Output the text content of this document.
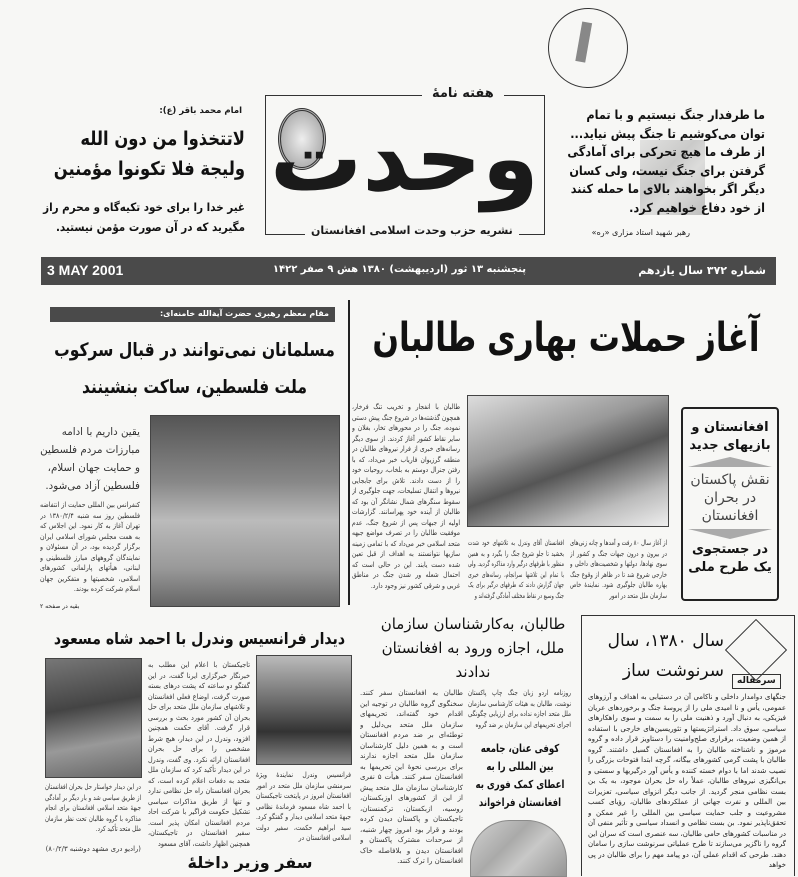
ما طرفدار جنگ نیستیم و با تمام توان می‌کوشیم تا جنگ پیش نیاید... از طرف ما هیچ تحرکی برای آمادگی گرفتن برای جنگ نیست، ولی کسان دیگر اگر بخواهند بالای ما حمله کنند از خود دفاع خواهیم کرد.
رهبر شهید استاد مزاری «ره»
هفته نامهٔ
وحدت
نشریه حزب وحدت اسلامی افغانستان
امام محمد باقر (ع):
لاتتخذوا من دون الله ولیجة فلا تکونوا مؤمنین
غیر خدا را برای خود تکیه‌گاه و محرم راز مگیرید که در آن صورت مؤمن نیستید.
شماره ۳۷۲ سال یازدهم
پنجشنبه ۱۳ ثور (اردیبهشت) ۱۳۸۰ هش ۹ صفر ۱۴۲۲
3 MAY 2001
آغاز حملات بهاری طالبان
طالبان با انفجار و تخریب تنگ فرخار، همچون گذشته‌ها در شروع جنگ پیش دستی نموده، جنگ را در محورهای تخار، بغلان و سایر نقاط کشور آغاز کردند. از سوی دیگر رسانه‌های خبری از فرار نیروهای طالبان در منطقه گرزیوان فاریاب خبر می‌داد، که با رفتن جنرال دوستم به بلخاب، روحیات خود را از دست دادند. تلاش برای جابجایی نیروها و انتقال تسلیحات، جهت جلوگیری از سقوط سنگرهای شمال نشانگر آن بود که طالبان از آینده خود پهراسانند. گزارشات اولیه از جبهات پس از شروع جنگ، عدم موفقیت طالبان را در تصرف مواضع جبهه متحد اسلامی خبر می‌داد که با تمامی زمینه سازیها نتوانستند به اهداف از قبل تعین شده دست یابند. این در حالی است که احتمال شعله ور شدن جنگ در مناطق غربی و شرقی کشور نیز وجود دارد.
افغانستان آقای وندرل به تلاشهای خود شدت بخشید تا جلو شروع جنگ را بگیرد و به همین منظور با طرفهای درگیر وارد مذاکره گردید. ولی با تمام این تلاشها سرانجام، رسانه‌های خبری جهان گزارش دادند که طرفهای درگیر برای یک جنگ وسیع در نقاط مختلف آمادگی گرفته‌اند و
از آغاز سال ۸۰ رفت و آمدها و چانه زنی‌های در بیرون و درون جبهات جنگ و کشور از سوی نهادها، دولتها و شخصیت‌های داخلی و خارجی شروع شد تا در ظاهر از وقوع جنگ بهاره طالبان جلوگیری شود. نمایندهٔ خاص سازمان ملل متحد در امور
افغانستان و بازیهای جدید
نقش پاکستان در بحران افغانستان
در جستجوی یک طرح ملی
مقام معظم رهبری حضرت آیةالله خامنه‌ای:
مسلمانان نمی‌توانند در قبال سرکوب ملت فلسطین، ساکت بنشینند
یقین داریم با ادامه مبارزات مردم فلسطین و حمایت جهان اسلام، فلسطین آزاد می‌شود.
کنفرانس بین المللی حمایت از انتفاضه فلسطین روز سه شنبه ۱۳۸۰/۲/۴ در تهران آغاز به کار نمود. این اجلاس که به همت مجلس شورای اسلامی ایران برگزار گردیده بود، در آن مسئولان و نمایندگان گروههای مبارز فلسطینی و لبنانی، هیأتهای پارلمانی کشورهای اسلامی، شخصیتها و متفکرین جهان اسلام شرکت کرده بودند.
بقیه در صفحه ۲
طالبان، به‌کارشناسان سازمان ملل، اجازه ورود به افغانستان ندادند
روزنامه اردو زبان جنگ چاپ پاکستان نوشت، طالبان به هیئات کارشناسی سازمان ملل متحد اجازه نداده برای ارزیابی چگونگی اجرای تحریمهای این سازمان بر ضد گروه
طالبان به افغانستان سفر کنند. سخنگوی گروه طالبان در توجیه این اقدام خود گفته‌اند، تحریمهای سازمان ملل متحد بی‌دلیل و توطئه‌ای بر ضد مردم افغانستان است و به همین دلیل کارشناسان سازمان ملل متحد اجازه ندارند برای بررسی نحوهٔ این تحریمها به افغانستان سفر کنند. هیأت ۵ نفری کارشناسان سازمان ملل متحد پیش از این از کشورهای اوزبکستان، روسیه، ازبکستان، ترکمنستان، تاجیکستان و پاکستان دیدن کرده بودند و قرار بود امروز چهار شنبه، از سرحدات مشترک پاکستان و افغانستان دیدن و بلافاصله خاک افغانستان را ترک کنند.
کوفی عنان، جامعه بین المللی را به اعطای کمک فوری به افغانستان فراخواند
دیدار فرانسیس وندرل با احمد شاه مسعود
تاجیکستان با اعلام این مطلب به خبرنگار خبرگزاری ایرنا گفت، در این گفتگو دو ساعته که پشت درهای بسته صورت گرفت، اوضاع فعلی افغانستان و تلاشهای سازمان ملل متحد برای حل بحران آن کشور مورد بحث و بررسی قرار گرفت. آقای حکمت همچنین افزود، وندرل در این دیدار، هیچ شرط مشخصی را برای حل بحران افغانستان ارائه نکرد. وی گفت، وندرل در این دیدار تأکید کرد که سازمان ملل متحد به دفعات اعلام کرده است، که بحران افغانستان راه حل نظامی ندارد و تنها از طریق مذاکرات سیاسی تشکیل حکومت فراگیر با شرکت احاد مردم افغانستان امکان پذیر است. سفیر افغانستان در تاجیکستان، همچنین اظهار داشت، آقای مسعود
فرانسیس وندرل نمایندهٔ ویژهٔ سرمنشی سازمان ملل متحد در امور افغانستان امروز در پایتخت تاجیکستان با احمد شاه مسعود فرماندهٔ نظامی جبههٔ متحد اسلامی دیدار و گفتگو کرد. سید ابراهیم حکمت، سفیر دولت اسلامی افغانستان در
در این دیدار خواستار حل بحران افغانستان از طریق سیاسی شد و بار دیگر بر آمادگی جبههٔ متحد اسلامی افغانستان برای انجام مذاکره با گروه طالبان تحت نظر سازمان ملل متحد تأکید کرد.
(رادیو دری مشهد دوشنبه ۸۰/۲/۳)
سفر وزیر داخلهٔ
سرمقاله
سال ۱۳۸۰، سال سرنوشت ساز
جنگهای دوامدار داخلی و ناکامی آن در دستیابی به اهداف و آرزوهای عمومی، یأس و نا امیدی ملی را از پروسهٔ جنگ و برخوردهای عریان فیزیکی، به دنبال آورد و ذهنیت ملی را به سمت و سوی راهکارهای سیاسی، سوق داد. استراتژیستها و تئوریسین‌های خارجی با استفاده از همین وضعیت، برقراری صلح‌وامنیت را دستاویز قرار داده و گروه مرموز و ناشناخته طالبان را به افغانستان گسیل داشتند. گروه طالبان با پشت گرمی کشورهای بیگانه، گرچه ابتدا فتوحات بزرگی را نصیب شدند اما با دوام خسته کننده و یأس آور درگیریها و سستی و بی‌انگیزی نیروهای طالبان، عملاً راه حل بحران موجود، به یک بن بست نظامی منجر گردید. از جانب دیگر انزوای سیاسی، تعزیرات بین المللی و نفرت جهانی از عملکردهای طالبان، رؤیای کسب مشروعیت و جلب حمایت سیاسی بین المللی را غیر ممکن و تحقق‌ناپذیر نمود. بن بست نظامی و انسداد سیاسی و تأثیر منفی آن در مناسبات کشورهای حامی طالبان، سه عنصری است که سران این گروه را ناگزیر می‌سازند تا طرح عملیاتی سرنوشت سازی را سامان دهند. طرحی که اقدام عملی آن، دو پیامد مهم را برای طالبان در پی خواهد
